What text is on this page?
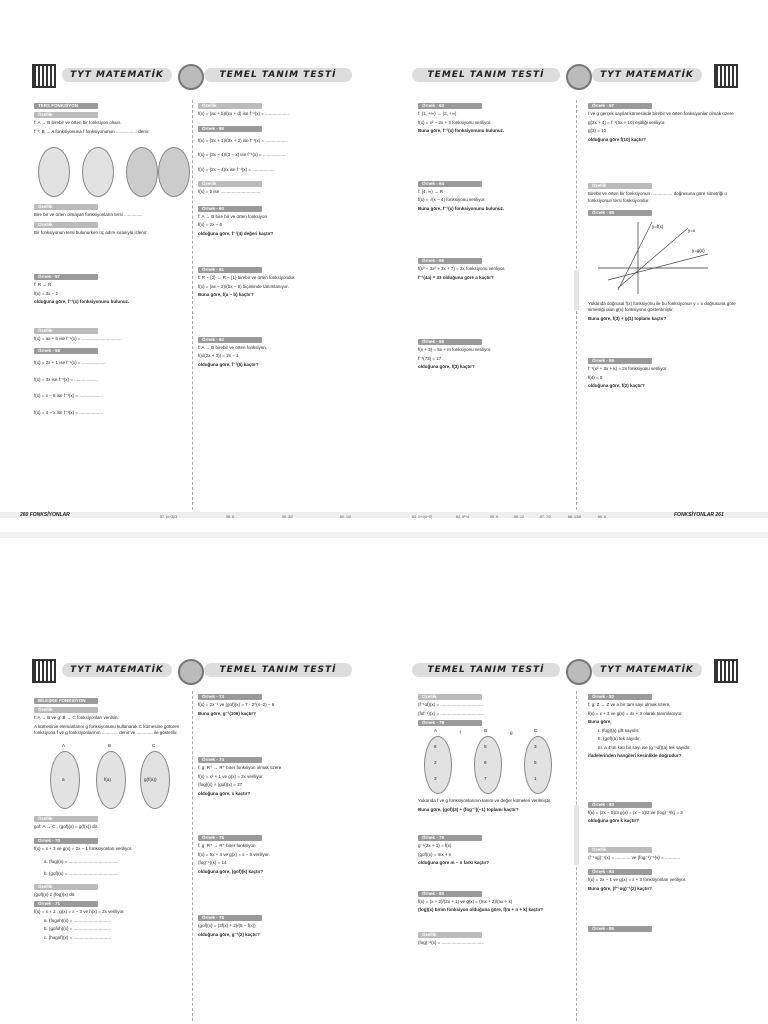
TYT MATEMATİK	TEMEL TANIM TESTİ
TERS FONKSİYON
Özellik
f: A → B birebir ve örten bir fonksiyon olsun.
f⁻¹: B → A fonksiyonuna f fonksiyonunun ................. denir.
Özellik
Bire bir ve örten olmayan fonksiyonların tersi ...............
Özellik
Bir fonksiyonun tersi bulunurken üç adım sırasıyla izlenir:
Örnek - 57
f: R → R
f(x) = 3x − 2
olduğuna göre, f⁻¹(x) fonksiyonunu bulunuz.
Özellik
f(x) = ax + b ise f⁻¹(x) = ................................
Örnek - 58
f(x) = 2x + 1 ise f⁻¹(x) = ...................
f(x) = 3x ise f⁻¹(x) = ...................
f(x) = x − 6 ise f⁻¹(x) = ...................
f(x) = 4 − x ise f⁻¹(x) = ...................
Özellik
f(x) = (ax + b)/(cx + d) ise f⁻¹(x) = ...................
Örnek - 59
f(x) = (2x + 1)/(3x + 2) ise f⁻¹(x) = ..................
f(x) = (3x − 4)/(3 − x) ise f⁻¹(x) = ..................
f(x) = (2x − 4)/x ise f⁻¹(x) = ..................
Özellik
f(x) = b ise ................................
Örnek - 60
f: A → B bire bir ve örten fonksiyon
f(x) = 2x − 6
olduğuna göre, f⁻¹(4) değeri kaçtır?
Örnek - 61
f: R − {2} → R − {1} birebir ve örten fonksiyondur.
f(x) = (ax − 2)/(bx − 6) biçiminde tanımlanıyor.
Buna göre, f(a − b) kaçtır?
Örnek - 62
f: A → B birebir ve örten fonksiyon,
f(x/(2x + 3)) = 2x − 1
olduğuna göre, f⁻¹(5) kaçtır?
260 FONKSİYONLAR	57. (x+2)/3	58. 5	59. 3/2	60. 1/2
TEMEL TANIM TESTİ	TYT MATEMATİK
Örnek - 63
f: (1, +∞) → (2, +∞)
f(x) = x² − 2x + 3 fonksiyonu veriliyor.
Buna göre, f⁻¹(x) fonksiyonunu bulunuz.
Örnek - 64
f: [4, ∞) → R
f(x) = √(x − 4) fonksiyonu veriliyor.
Buna göre, f⁻¹(x) fonksiyonunu bulunuz.
Örnek - 65
f(x³ + 3x² + 3x + 7) = 2x fonksiyonu veriliyor.
f⁻¹(4a) = 33 olduğuna göre a kaçtır?
Örnek - 66
f(x + 3) = 5x + m fonksiyonu veriliyor.
f⁻¹(73) = 17
olduğuna göre, f(3) kaçtır?
Örnek - 67
f ve g gerçek sayılar kümesinde birebir ve örten fonksiyonlar olmak üzere
g(2x + 4) = f⁻¹(5x + 10) eşitliği veriliyor.
g(3) = 10
olduğuna göre f(10) kaçtır?
Özellik
Birebir ve örten bir fonksiyonun ................. doğrusuna göre simetriği o fonksiyonun tersi fonksiyondur.
Örnek - 68
y=f(x)
y=x
y=g(x)
Yukarıda doğrusal f(x) fonksiyonu ile bu fonksiyonun y = x doğrusuna göre simetriği olan g(x) fonksiyonu gösterilmiştir.
Buna göre, f(3) + g(1) toplamı kaçtır?
Örnek - 69
f⁻¹(x² + 3x + k) = 2x fonksiyonu veriliyor.
f(4) = 0
olduğuna göre, f(2) kaçtır?
FONKSİYONLAR 261
63. 1+√(x−2)	64. x²+4	65. 9	66. 12	67. 7/2	68. 13/5	69. 6
TYT MATEMATİK	TEMEL TANIM TESTİ
BİLEŞKE FONKSİYON
Özellik
f: A → B ve g: B → C fonksiyonları verilsin.
A kümesinin elemanlarını g fonksiyonunu kullanarak C kümesine götüren fonksiyona f ve g fonksiyonlarının ............. denir ve ............. ile gösterilir.
A	B	C
a	f(a)	g(f(a))
Özellik
gof: A → C , (gof)(x) = g(f(x)) dir.
Örnek - 70
f(x) = x + 3 ve g(x) = 2x − 1 fonksiyonları veriliyor.
a. (fog)(x) = ........................................
b. (gof)(x) = ........................................
Özellik
(gof)(x) ≠ (fog)(x) dir.
Örnek - 71
f(x) = x + 2 , g(x) = x − 3 ve h(x) = 2x veriliyor.
a. (fogoh)(x) = ..............................
b. (gofoh)(x) = ..............................
c. (hogof)(x) = ..............................
Örnek - 73
f(x) = 2x⁻¹ ve (gof)(x) = 7 · 2^(x−2) − 6
Buna göre, g⁻¹(106) kaçtır?
Örnek - 74
f, g: R⁺ → R⁺ birer fonksiyon olmak üzere
f(x) = x² + 1 ve g(x) = 2x veriliyor.
(fog)(x) + (gof)(x) = 27
olduğuna göre, x kaçtır?
Örnek - 75
f, g: R⁺ → R⁺ birer fonksiyon
f(x) = 5x + 4 ve g(x) = x − 5 veriliyor.
(fog⁻¹)(k) = 14
olduğuna göre, (gof)(k) kaçtır?
Örnek - 76
(gof)(x) = (3f(x) + 2)/(5 − f(x))
olduğuna göre, g⁻¹(2) kaçtır?
TEMEL TANIM TESTİ	TYT MATEMATİK
Özellik
(f⁻¹of)(x) = ...................................
(fof⁻¹)(x) = ...................................
Örnek - 78
A	B	C
f	g
6
2
3
5
6
7
3
5
1
Yukarıda f ve g fonksiyonlarının tanım ve değer kümeleri verilmiştir.
Buna göre, (gof)(3) + (fog⁻¹)(−1) toplamı kaçtır?
Örnek - 79
g⁻¹(2x + 1) = f(x)
(gof)(x) = mx + n
olduğuna göre m − n farkı kaçtır?
Örnek - 80
f(x) = (x + 2)/(2x + 1) ve g(x) = (mx + 2)/(nx + k)
(fog)(x) birim fonksiyon olduğuna göre, f(m + n + k) kaçtır?
Özellik
(fog)⁻¹(x) = ..................................
Örnek - 82
f, g: Z → Z ve a bir tam sayı olmak üzere,
f(x) = x + 3 ve g(x) = 4x + 3 olarak tanımlanıyor.
Buna göre,
I. (fog)(a) çift sayıdır.
II. (gof)(a) tek sayıdır.
III. a 4'ün katı bir sayı ise (g⁻¹of)(a) tek sayıdır.
ifadelerinden hangileri kesinlikle doğrudur?
Örnek - 83
f(x) = (2x − 5)/3 g(x) = (x − 1)/2 ve (fog)⁻¹(k) = 3
olduğuna göre k kaçtır?
Özellik
(f⁻¹og)⁻¹(x) = ............ ve (fog⁻¹)⁻¹(x) = ............
Örnek - 84
f(x) = 2x − 1 ve g(x) = x + 3 fonksiyonları veriliyor.
Buna göre, (f⁻¹og)⁻¹(2) kaçtır?
Örnek - 85
